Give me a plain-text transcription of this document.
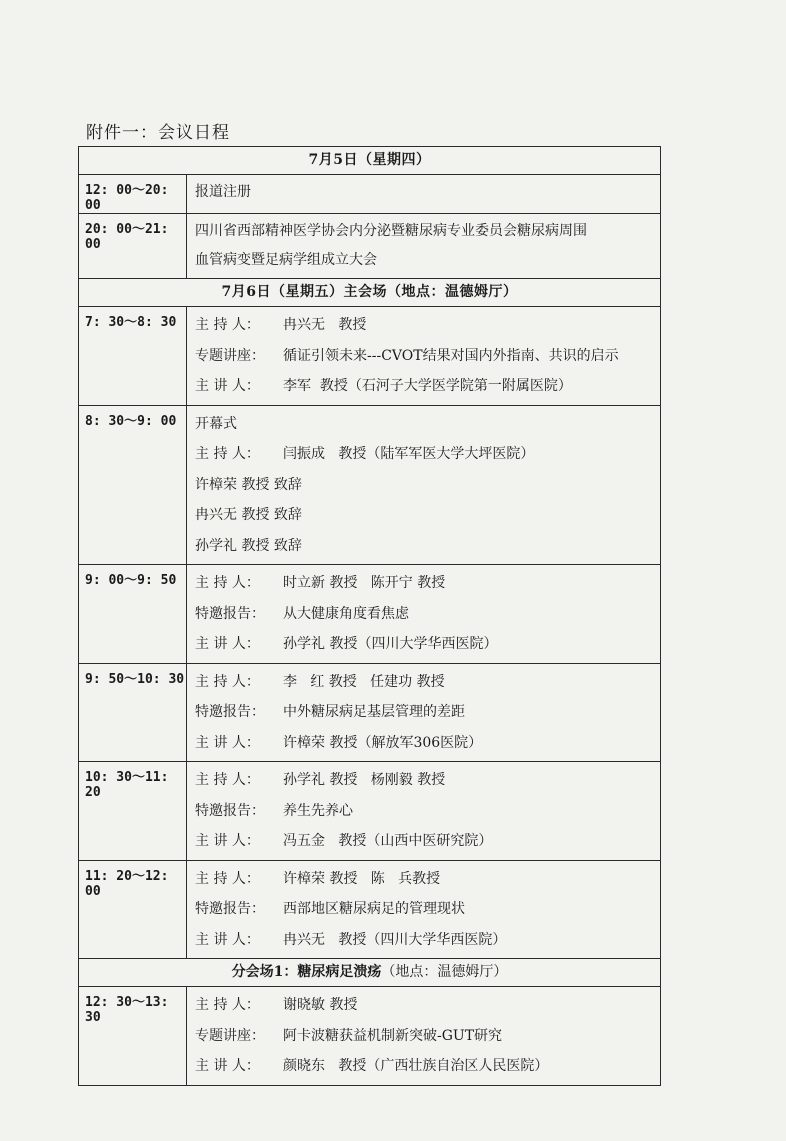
附件一：会议日程
7月5日（星期四）	
12: 00～20: 00	报道注册

20: 00～21: 00	四川省西部精神医学协会内分泌暨糖尿病专业委员会糖尿病周围
血管病变暨足病学组成立大会

7月6日（星期五）主会场（地点：温德姆厅）	
7: 30～8: 30	主 持 人： 冉兴无   教授
专题讲座： 循证引领未来---CVOT结果对国内外指南、共识的启示
主 讲 人： 李军  教授（石河子大学医学院第一附属医院）

8: 30～9: 00	开幕式
主 持 人： 闫振成   教授（陆军军医大学大坪医院）
许樟荣 教授 致辞
冉兴无 教授 致辞
孙学礼 教授 致辞

9: 00～9: 50	主 持 人： 时立新 教授   陈开宁 教授
特邀报告： 从大健康角度看焦虑
主 讲 人： 孙学礼 教授（四川大学华西医院）

9: 50～10: 30	主 持 人： 李   红 教授   任建功 教授
特邀报告： 中外糖尿病足基层管理的差距
主 讲 人： 许樟荣 教授（解放军306医院）

10: 30～11: 20	主 持 人： 孙学礼 教授   杨刚毅 教授
特邀报告： 养生先养心
主 讲 人： 冯五金   教授（山西中医研究院）

11: 20～12: 00	主 持 人： 许樟荣 教授   陈   兵教授
特邀报告： 西部地区糖尿病足的管理现状
主 讲 人： 冉兴无   教授（四川大学华西医院）

分会场1：糖尿病足溃疡（地点：温德姆厅）	
12: 30～13: 30	主 持 人： 谢晓敏 教授
专题讲座： 阿卡波糖获益机制新突破-GUT研究
主 讲 人： 颜晓东   教授（广西壮族自治区人民医院）
